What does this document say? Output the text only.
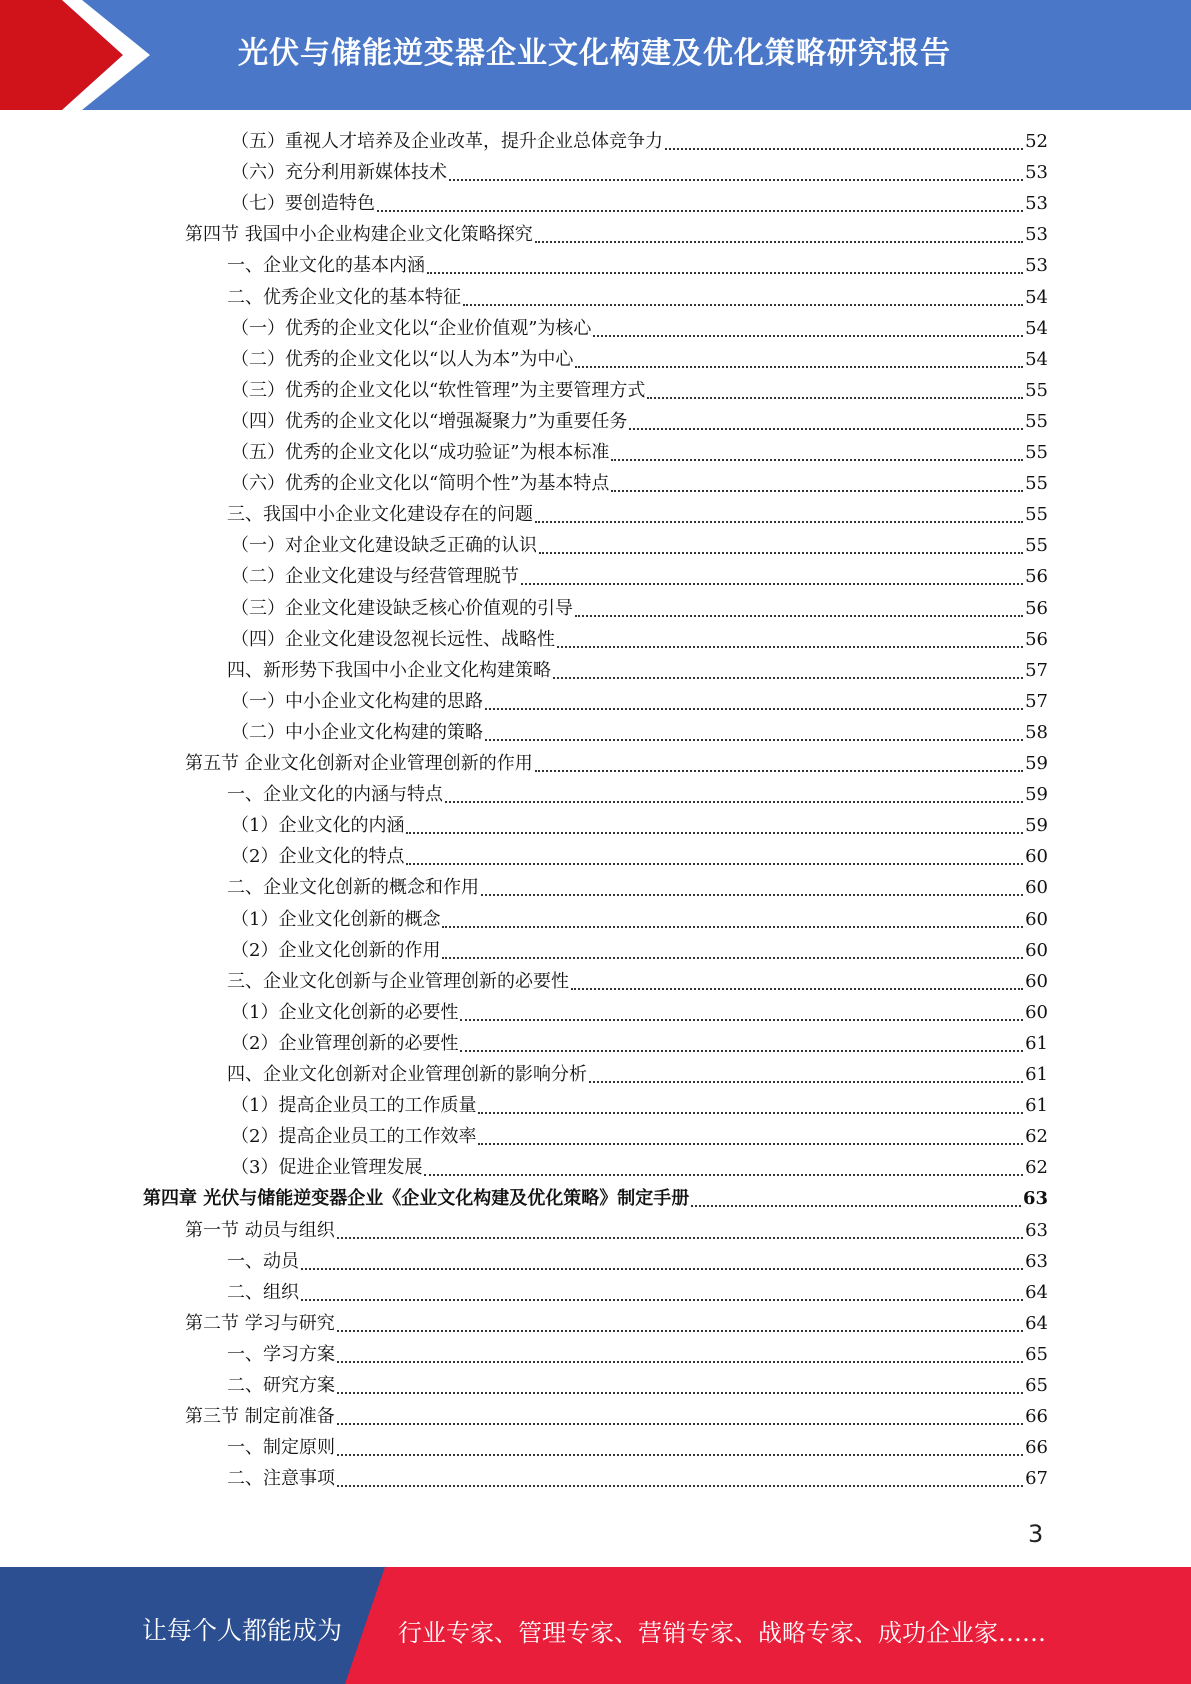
光伏与储能逆变器企业文化构建及优化策略研究报告
（五）重视人才培养及企业改革，提升企业总体竞争力	52
（六）充分利用新媒体技术	53
（七）要创造特色	53
第四节 我国中小企业构建企业文化策略探究	53
一、企业文化的基本内涵	53
二、优秀企业文化的基本特征	54
（一）优秀的企业文化以“企业价值观”为核心	54
（二）优秀的企业文化以“以人为本”为中心	54
（三）优秀的企业文化以“软性管理”为主要管理方式	55
（四）优秀的企业文化以“增强凝聚力”为重要任务	55
（五）优秀的企业文化以“成功验证”为根本标准	55
（六）优秀的企业文化以“简明个性”为基本特点	55
三、我国中小企业文化建设存在的问题	55
（一）对企业文化建设缺乏正确的认识	55
（二）企业文化建设与经营管理脱节	56
（三）企业文化建设缺乏核心价值观的引导	56
（四）企业文化建设忽视长远性、战略性	56
四、新形势下我国中小企业文化构建策略	57
（一）中小企业文化构建的思路	57
（二）中小企业文化构建的策略	58
第五节 企业文化创新对企业管理创新的作用	59
一、企业文化的内涵与特点	59
（1）企业文化的内涵	59
（2）企业文化的特点	60
二、企业文化创新的概念和作用	60
（1）企业文化创新的概念	60
（2）企业文化创新的作用	60
三、企业文化创新与企业管理创新的必要性	60
（1）企业文化创新的必要性	60
（2）企业管理创新的必要性	61
四、企业文化创新对企业管理创新的影响分析	61
（1）提高企业员工的工作质量	61
（2）提高企业员工的工作效率	62
（3）促进企业管理发展	62
第四章 光伏与储能逆变器企业《企业文化构建及优化策略》制定手册	63
第一节 动员与组织	63
一、动员	63
二、组织	64
第二节 学习与研究	64
一、学习方案	65
二、研究方案	65
第三节 制定前准备	66
一、制定原则	66
二、注意事项	67
3
让每个人都能成为 行业专家、管理专家、营销专家、战略专家、成功企业家……
